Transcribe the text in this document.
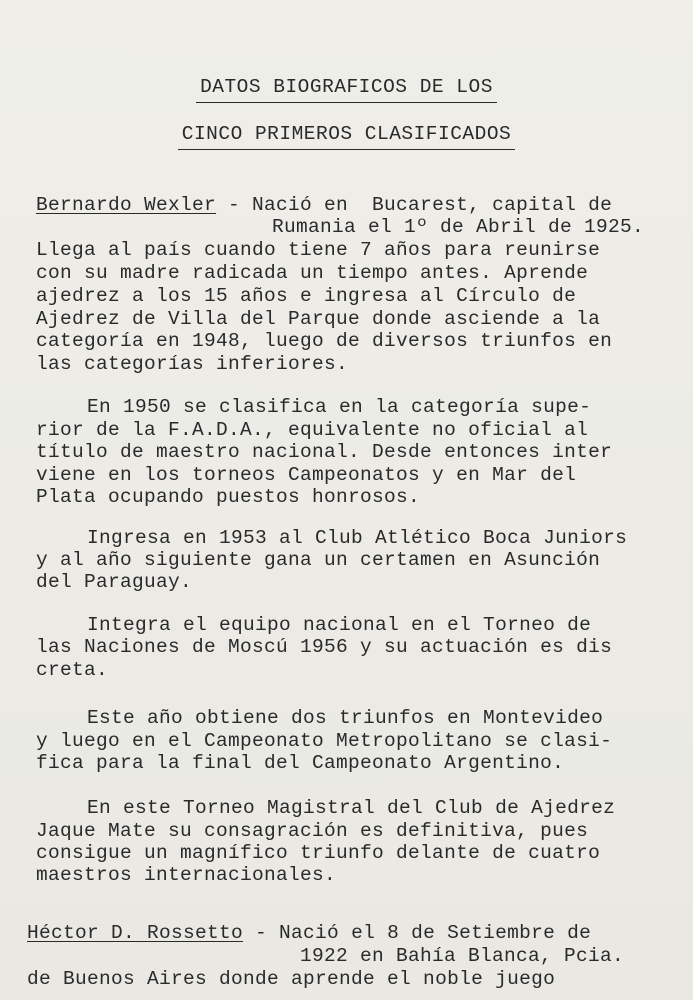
DATOS BIOGRAFICOS DE LOS
CINCO PRIMEROS CLASIFICADOS
Bernardo Wexler - Nació en  Bucarest, capital de
Rumania el 1º de Abril de 1925.
Llega al país cuando tiene 7 años para reunirse
con su madre radicada un tiempo antes. Aprende
ajedrez a los 15 años e ingresa al Círculo de
Ajedrez de Villa del Parque donde asciende a la
categoría en 1948, luego de diversos triunfos en
las categorías inferiores.
En 1950 se clasifica en la categoría supe-
rior de la F.A.D.A., equivalente no oficial al
título de maestro nacional. Desde entonces inter
viene en los torneos Campeonatos y en Mar del
Plata ocupando puestos honrosos.
Ingresa en 1953 al Club Atlético Boca Juniors
y al año siguiente gana un certamen en Asunción
del Paraguay.
Integra el equipo nacional en el Torneo de
las Naciones de Moscú 1956 y su actuación es dis
creta.
Este año obtiene dos triunfos en Montevideo
y luego en el Campeonato Metropolitano se clasi-
fica para la final del Campeonato Argentino.
En este Torneo Magistral del Club de Ajedrez
Jaque Mate su consagración es definitiva, pues
consigue un magnífico triunfo delante de cuatro
maestros internacionales.
Héctor D. Rossetto - Nació el 8 de Setiembre de
1922 en Bahía Blanca, Pcia.
de Buenos Aires donde aprende el noble juego
